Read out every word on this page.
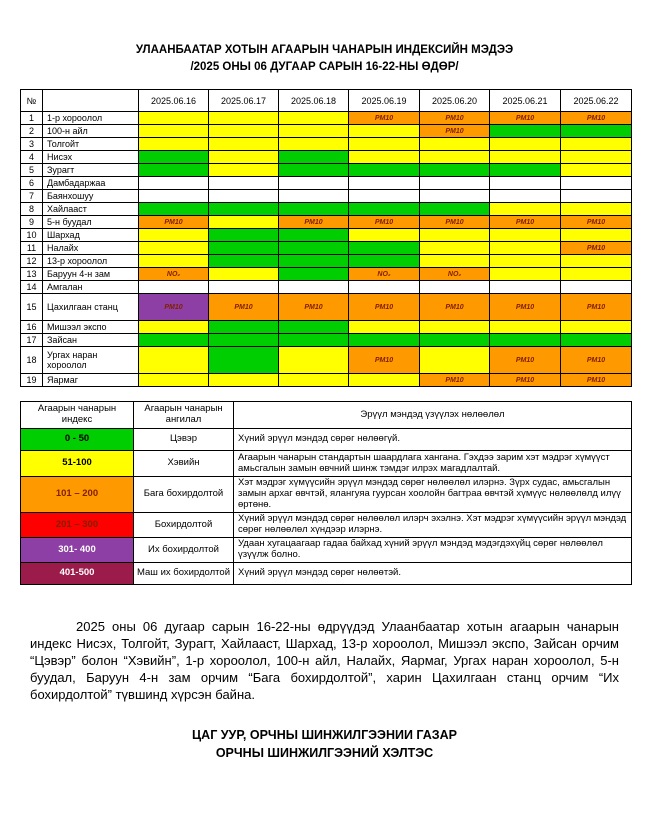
УЛААНБААТАР ХОТЫН АГААРЫН ЧАНАРЫН ИНДЕКСИЙН МЭДЭЭ
/2025 ОНЫ 06 ДУГААР САРЫН 16-22-НЫ ӨДӨР/
№		2025.06.16	2025.06.17	2025.06.18	2025.06.19	2025.06.20	2025.06.21	2025.06.22
1	1-р хороолол				PM10	PM10	PM10	PM10
2	100-н айл					PM10		
3	Толгойт							
4	Нисэх							
5	Зурагт							
6	Дамбадаржаа							
7	Баянхошуу							
8	Хайлааст							
9	5-н буудал	PM10		PM10	PM10	PM10	PM10	PM10
10	Шархад							
11	Налайх							PM10
12	13-р хороолол							
13	Баруун 4-н зам	NO₂			NO₂	NO₂		
14	Амгалан							
15	Цахилгаан станц	PM10	PM10	PM10	PM10	PM10	PM10	PM10
16	Мишээл экспо							
17	Зайсан							
18	Ургах наран хороолол				PM10		PM10	PM10
19	Яармаг					PM10	PM10	PM10
Агаарын чанарын индекс	Агаарын чанарын ангилал	Эрүүл мэндэд үзүүлэх нөлөөлөл
0 - 50	Цэвэр	Хүний эрүүл мэндэд сөрөг нөлөөгүй.
51-100	Хэвийн	Агаарын чанарын стандартын шаардлага хангана. Гэхдээ зарим хэт мэдрэг хүмүүст амьсгалын замын өвчний шинж тэмдэг илрэх магадлалтай.
101 – 200	Бага бохирдолтой	Хэт мэдрэг хүмүүсийн эрүүл мэндэд сөрөг нөлөөлөл илэрнэ. Зүрх судас, амьсгалын замын архаг өвчтэй, ялангуяа гуурсан хоолойн багтраа өвчтэй хүмүүс нөлөөлөлд илүү өртөнө.
201 – 300	Бохирдолтой	Хүний эрүүл мэндэд сөрөг нөлөөлөл илэрч эхэлнэ. Хэт мэдрэг хүмүүсийн эрүүл мэндэд сөрөг нөлөөлөл хүндээр илэрнэ.
301- 400	Их бохирдолтой	Удаан хугацаагаар гадаа байхад хүний эрүүл мэндэд мэдэгдэхүйц сөрөг нөлөөлөл үзүүлж болно.
401-500	Маш их бохирдолтой	Хүний эрүүл мэндэд сөрөг нөлөөтэй.

2025 оны 06 дугаар сарын 16-22-ны өдрүүдэд Улаанбаатар хотын агаарын чанарын индекс Нисэх, Толгойт, Зурагт, Хайлааст, Шархад, 13-р хороолол, Мишээл экспо, Зайсан орчим “Цэвэр” болон “Хэвийн”, 1-р хороолол, 100-н айл, Налайх, Яармаг, Ургах наран хороолол, 5-н буудал, Баруун 4-н зам орчим “Бага бохирдолтой”, харин Цахилгаан станц орчим “Их бохирдолтой” түвшинд хүрсэн байна.

ЦАГ УУР, ОРЧНЫ ШИНЖИЛГЭЭНИИ ГАЗАР
ОРЧНЫ ШИНЖИЛГЭЭНИЙ ХЭЛТЭС
